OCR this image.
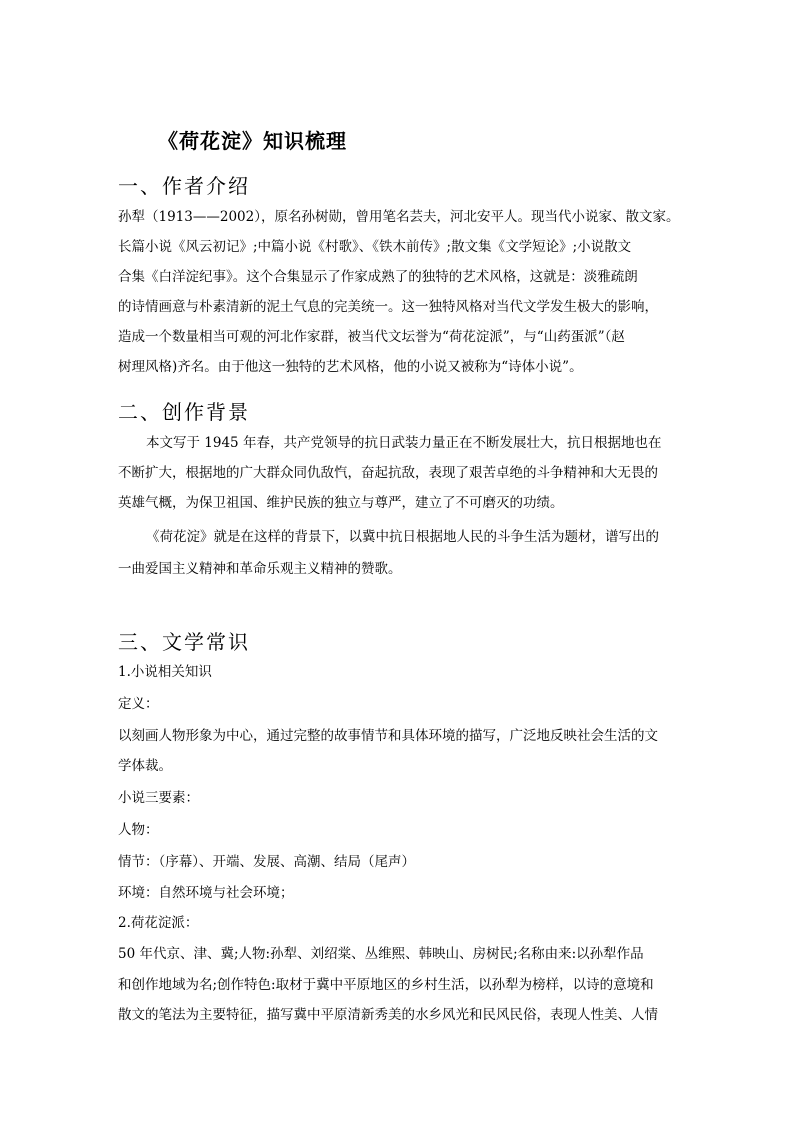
《荷花淀》知识梳理
一、作者介绍
孙犁（1913——2002），原名孙树勋，曾用笔名芸夫，河北安平人。现当代小说家、散文家。
长篇小说《风云初记》;中篇小说《村歌》、《铁木前传》;散文集《文学短论》;小说散文
合集《白洋淀纪事》。这个合集显示了作家成熟了的独特的艺术风格，这就是：淡雅疏朗
的诗情画意与朴素清新的泥土气息的完美统一。这一独特风格对当代文学发生极大的影响，
造成一个数量相当可观的河北作家群，被当代文坛誉为“荷花淀派”，与“山药蛋派”（赵
树理风格)齐名。由于他这一独特的艺术风格，他的小说又被称为“诗体小说”。
二、创作背景
本文写于 1945 年春，共产党领导的抗日武装力量正在不断发展壮大，抗日根据地也在
不断扩大，根据地的广大群众同仇敌忾，奋起抗敌，表现了艰苦卓绝的斗争精神和大无畏的
英雄气概，为保卫祖国、维护民族的独立与尊严，建立了不可磨灭的功绩。
《荷花淀》就是在这样的背景下，以冀中抗日根据地人民的斗争生活为题材，谱写出的
一曲爱国主义精神和革命乐观主义精神的赞歌。
三、文学常识
1.小说相关知识
定义：
以刻画人物形象为中心，通过完整的故事情节和具体环境的描写，广泛地反映社会生活的文
学体裁。
小说三要素：
人物：
情节：（序幕）、开端、发展、高潮、结局（尾声）
环境：自然环境与社会环境；
2.荷花淀派：
50 年代京、津、冀;人物:孙犁、刘绍棠、丛维熙、韩映山、房树民;名称由来:以孙犁作品
和创作地域为名;创作特色:取材于冀中平原地区的乡村生活，以孙犁为榜样，以诗的意境和
散文的笔法为主要特征，描写冀中平原清新秀美的水乡风光和民风民俗，表现人性美、人情
